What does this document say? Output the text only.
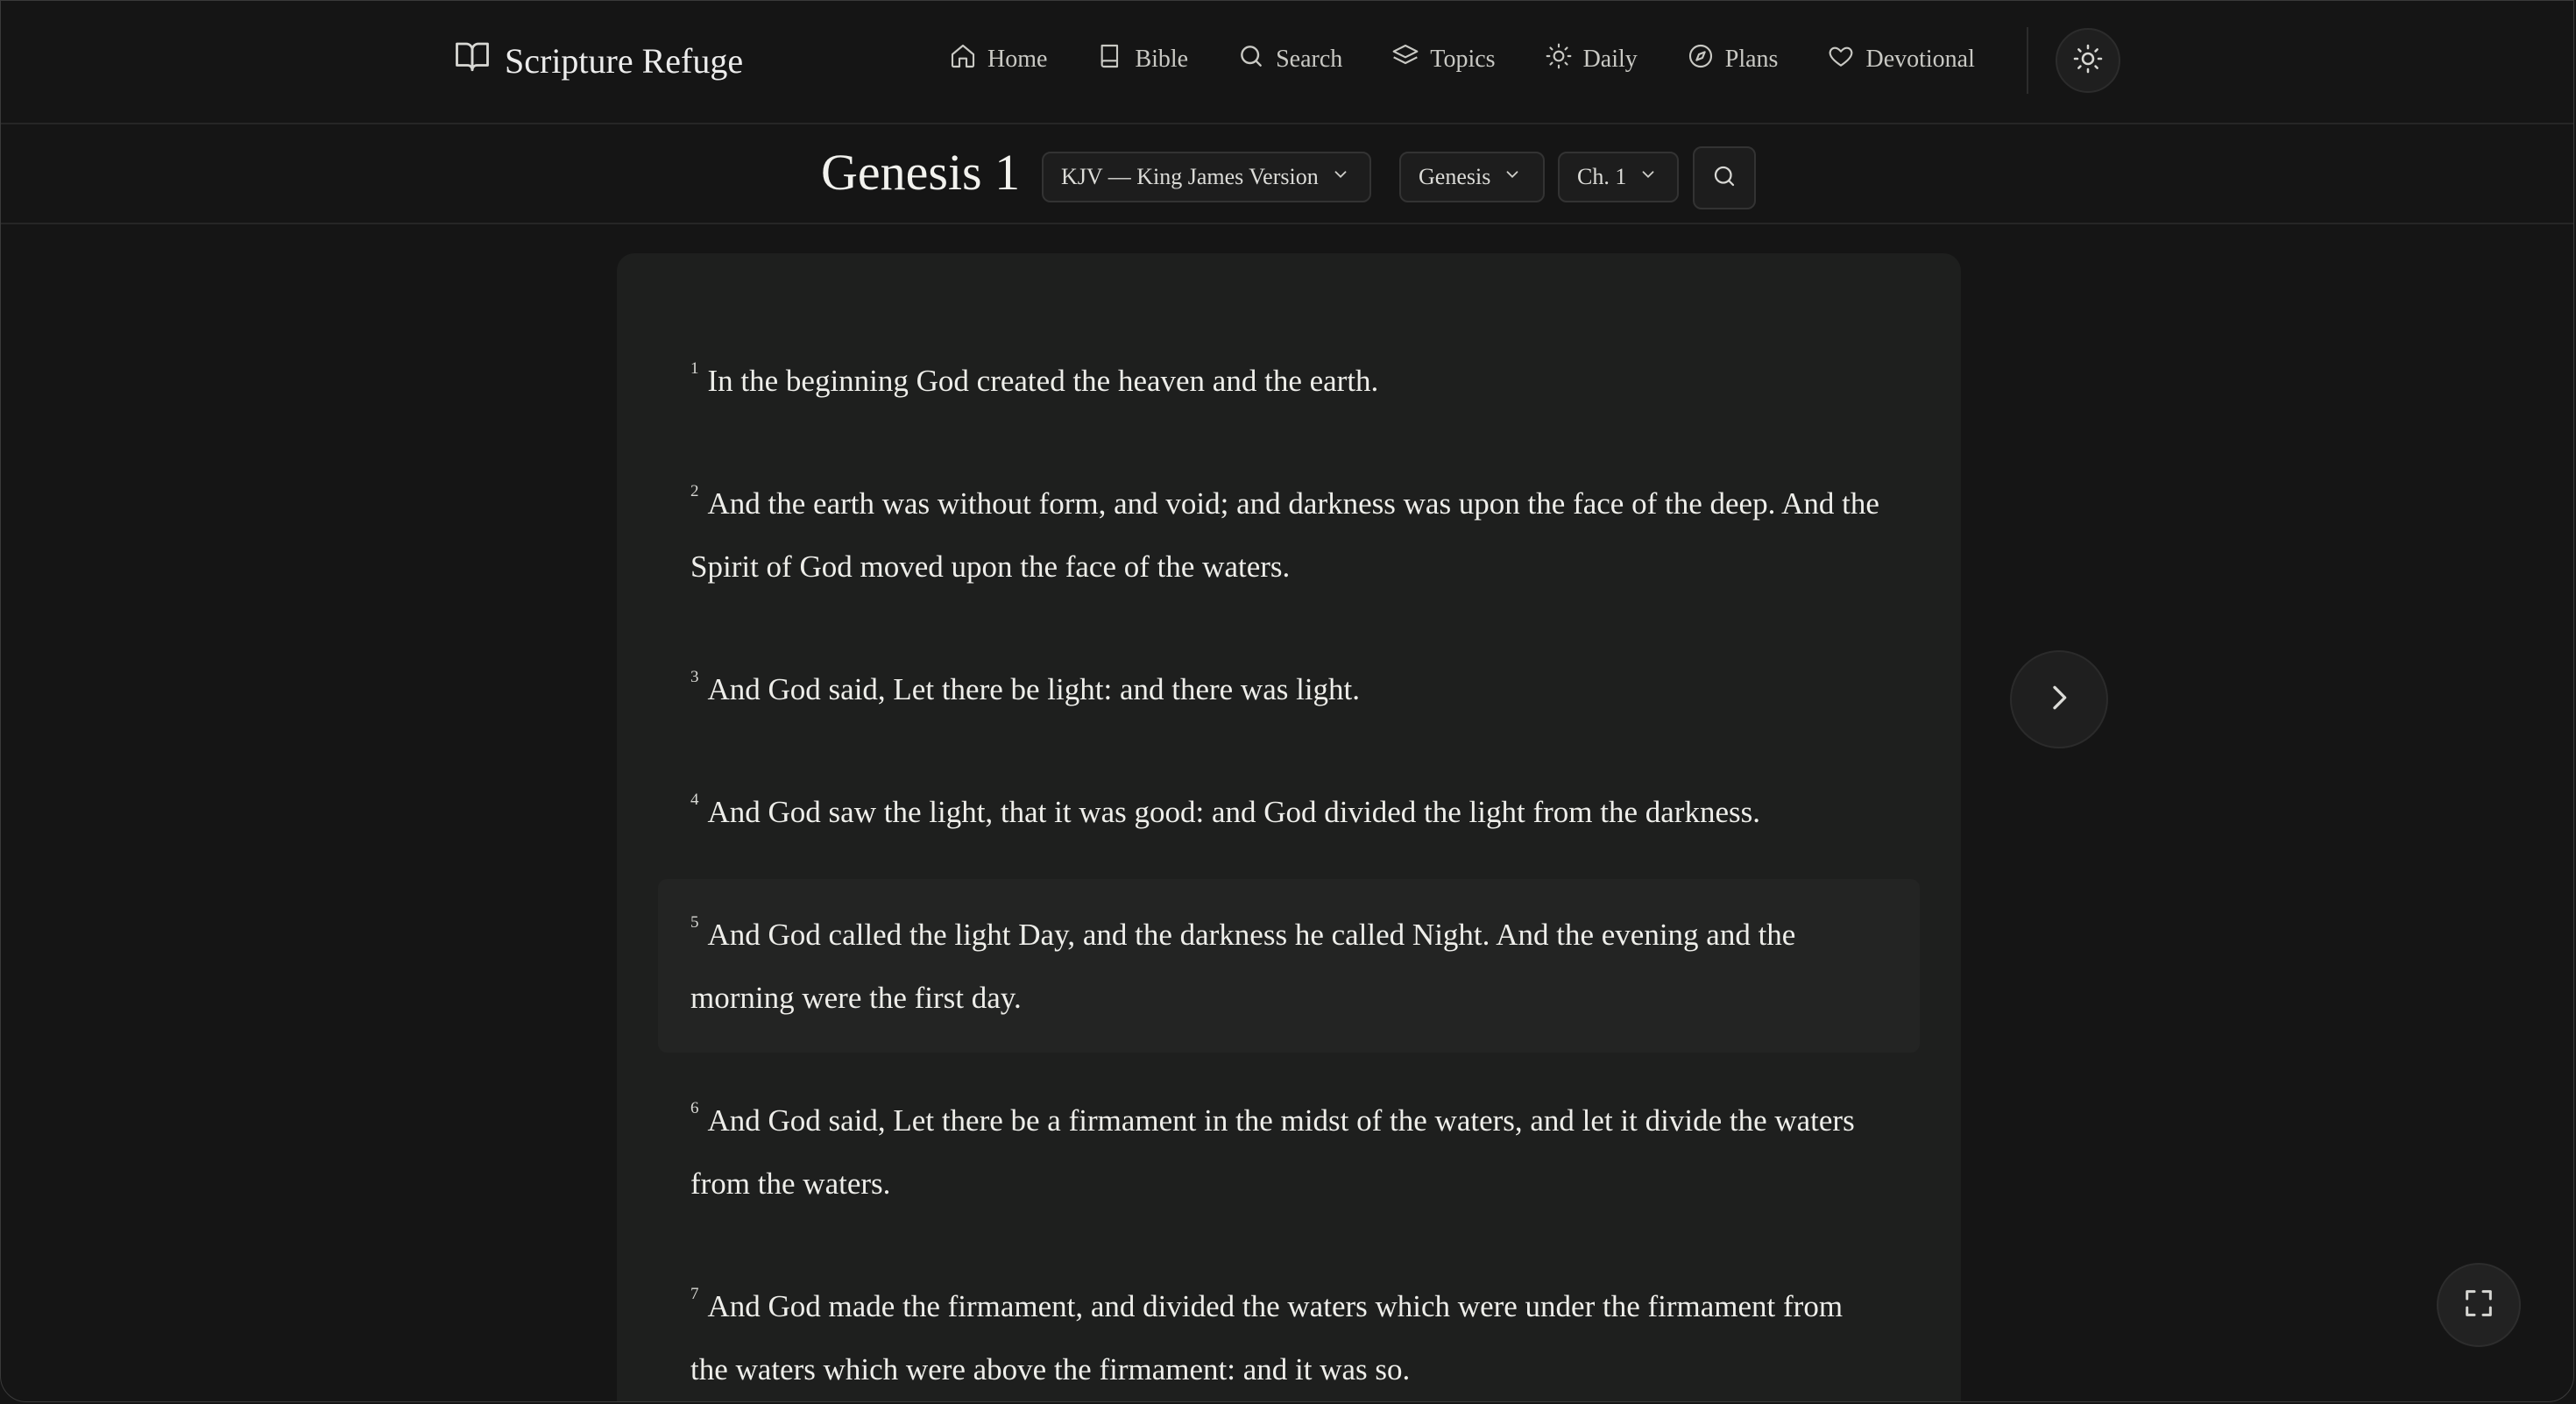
Scripture Refuge	Home	Bible	Search	Topics	Daily	Plans	Devotional
Genesis 1 KJV — King James Version	Genesis	Ch. 1

$^1$ In the beginning God created the heaven and the earth.

$^2$ And the earth was without form, and void; and darkness was upon the face of the deep. And the Spirit of God moved upon the face of the waters.

$^3$ And God said, Let there be light: and there was light.

$^4$ And God saw the light, that it was good: and God divided the light from the darkness.

$^5$ And God called the light Day, and the darkness he called Night. And the evening and the morning were the first day.

$^6$ And God said, Let there be a firmament in the midst of the waters, and let it divide the waters from the waters.

$^7$ And God made the firmament, and divided the waters which were under the firmament from the waters which were above the firmament: and it was so.
